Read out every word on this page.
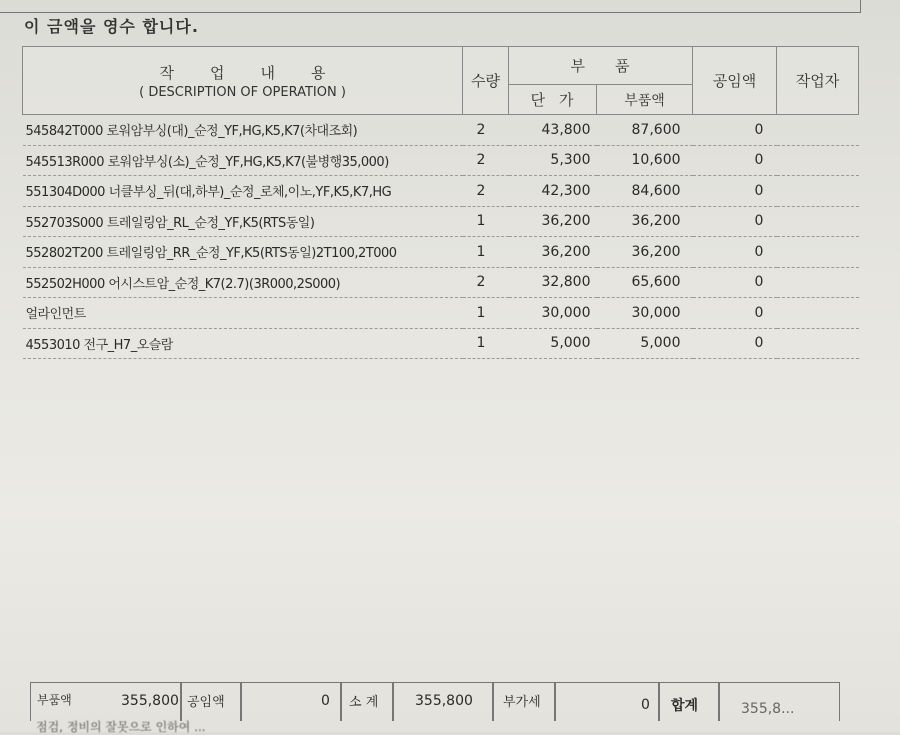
이 금액을 영수 합니다.
작업내용
( DESCRIPTION OF OPERATION )	수량	부품		공임액	작업자
		단가	부품액		
545842T000 로워암부싱(대)_순정_YF,HG,K5,K7(차대조회)	2	43,800	87,600	0	
545513R000 로워암부싱(소)_순정_YF,HG,K5,K7(불병행35,000)	2	5,300	10,600	0	
551304D000 너클부싱_뒤(대,하부)_순정_로체,이노,YF,K5,K7,HG	2	42,300	84,600	0	
552703S000 트레일링암_RL_순정_YF,K5(RTS동일)	1	36,200	36,200	0	
552802T200 트레일링암_RR_순정_YF,K5(RTS동일)2T100,2T000	1	36,200	36,200	0	
552502H000 어시스트암_순정_K7(2.7)(3R000,2S000)	2	32,800	65,600	0	
얼라인먼트	1	30,000	30,000	0	
4553010 전구_H7_오슬람	1	5,000	5,000	0	
부품액	355,800 공임액	0 소 계	355,800 부가세	0 합계	355,8...
점검, 정비의 잘못으로 인하여 ...
